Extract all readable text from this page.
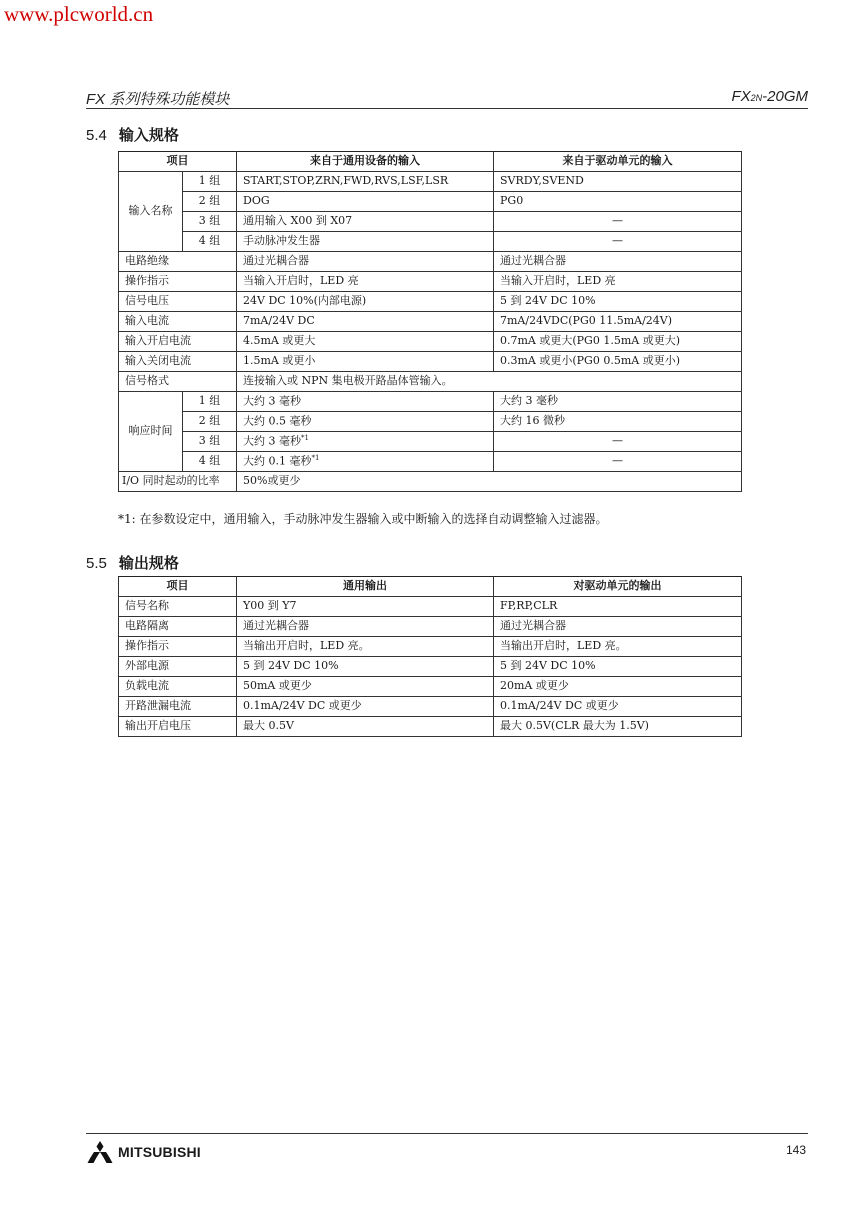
www.plcworld.cn
FX 系列特殊功能模块	FX2N-20GM
5.4 输入规格
项目		来自于通用设备的输入	来自于驱动单元的输入
输入名称	1 组	START,STOP,ZRN,FWD,RVS,LSF,LSR	SVRDY,SVEND
	2 组	DOG	PG0
	3 组	通用输入 X00 到 X07	—
	4 组	手动脉冲发生器	—
电路绝缘		通过光耦合器	通过光耦合器
操作指示		当输入开启时，LED 亮	当输入开启时，LED 亮
信号电压		24V DC 10%(内部电源)	5 到 24V DC 10%
输入电流		7mA/24V DC	7mA/24VDC(PG0 11.5mA/24V)
输入开启电流		4.5mA 或更大	0.7mA 或更大(PG0 1.5mA 或更大)
输入关闭电流		1.5mA 或更小	0.3mA 或更小(PG0 0.5mA 或更小)
信号格式		连接输入或 NPN 集电极开路晶体管输入。	
响应时间	1 组	大约 3 毫秒	大约 3 毫秒
	2 组	大约 0.5 毫秒	大约 16 微秒
	3 组	大约 3 毫秒$^{*1}$	—
	4 组	大约 0.1 毫秒$^{*1}$	—
I/O 同时起动的比率		50%或更少	
*1: 在参数设定中，通用输入，手动脉冲发生器输入或中断输入的选择自动调整输入过滤器。
5.5 输出规格
项目	通用输出	对驱动单元的输出
信号名称	Y00 到 Y7	FP,RP,CLR
电路隔离	通过光耦合器	通过光耦合器
操作指示	当输出开启时，LED 亮。	当输出开启时，LED 亮。
外部电源	5 到 24V DC 10%	5 到 24V DC 10%
负载电流	50mA 或更少	20mA 或更少
开路泄漏电流	0.1mA/24V DC 或更少	0.1mA/24V DC 或更少
输出开启电压	最大 0.5V	最大 0.5V(CLR 最大为 1.5V)
MITSUBISHI	143
